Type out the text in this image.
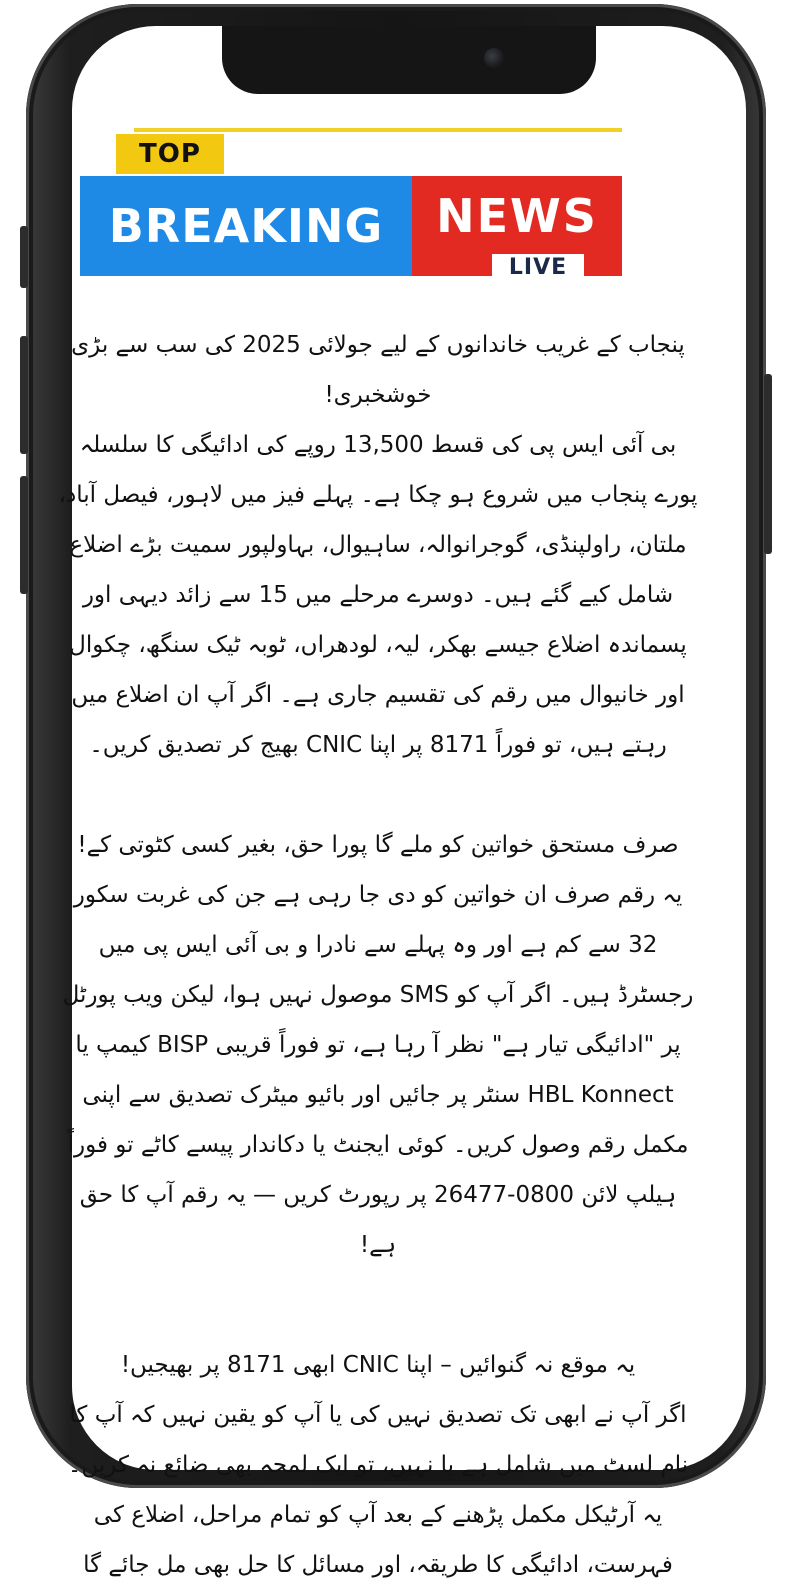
TOP
BREAKING	NEWS
LIVE

پنجاب کے غریب خاندانوں کے لیے جولائی 2025 کی سب سے بڑی خوشخبری!

بی آئی ایس پی کی قسط 13,500 روپے کی ادائیگی کا سلسلہ پورے پنجاب میں شروع ہو چکا ہے۔ پہلے فیز میں لاہور، فیصل آباد، ملتان، راولپنڈی، گوجرانوالہ، ساہیوال، بہاولپور سمیت بڑے اضلاع شامل کیے گئے ہیں۔ دوسرے مرحلے میں 15 سے زائد دیہی اور پسماندہ اضلاع جیسے بھکر، لیہ، لودھراں، ٹوبہ ٹیک سنگھ، چکوال اور خانیوال میں رقم کی تقسیم جاری ہے۔ اگر آپ ان اضلاع میں رہتے ہیں، تو فوراً 8171 پر اپنا CNIC بھیج کر تصدیق کریں۔

صرف مستحق خواتین کو ملے گا پورا حق، بغیر کسی کٹوتی کے!

یہ رقم صرف ان خواتین کو دی جا رہی ہے جن کی غربت سکور 32 سے کم ہے اور وہ پہلے سے نادرا و بی آئی ایس پی میں رجسٹرڈ ہیں۔ اگر آپ کو SMS موصول نہیں ہوا، لیکن ویب پورٹل پر "ادائیگی تیار ہے" نظر آ رہا ہے، تو فوراً قریبی BISP کیمپ یا HBL Konnect سنٹر پر جائیں اور بائیو میٹرک تصدیق سے اپنی مکمل رقم وصول کریں۔ کوئی ایجنٹ یا دکاندار پیسے کاٹے تو فوراً ہیلپ لائن 0800-26477 پر رپورٹ کریں — یہ رقم آپ کا حق ہے!

یہ موقع نہ گنوائیں – اپنا CNIC ابھی 8171 پر بھیجیں!

اگر آپ نے ابھی تک تصدیق نہیں کی یا آپ کو یقین نہیں کہ آپ کا نام لسٹ میں شامل ہے یا نہیں، تو ایک لمحہ بھی ضائع نہ کریں۔ یہ آرٹیکل مکمل پڑھنے کے بعد آپ کو تمام مراحل، اضلاع کی فہرست، ادائیگی کا طریقہ، اور مسائل کا حل بھی مل جائے گا
